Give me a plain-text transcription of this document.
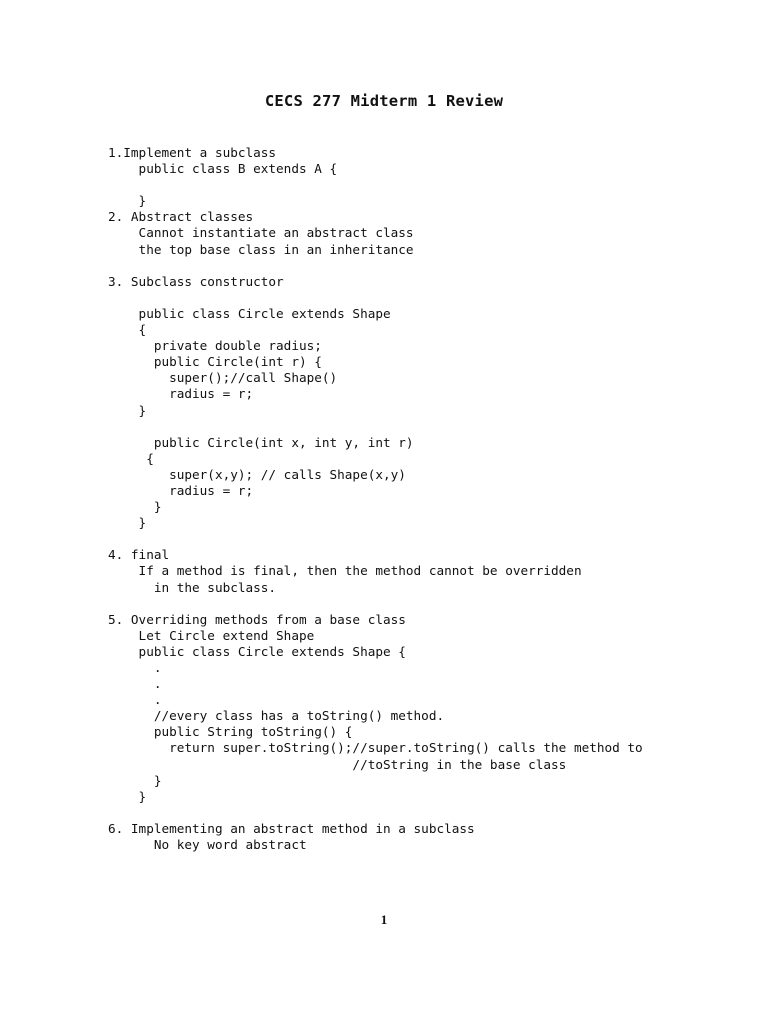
CECS 277 Midterm 1 Review
1.Implement a subclass
public class B extends A {
}
2. Abstract classes
Cannot instantiate an abstract class
the top base class in an inheritance
3. Subclass constructor
public class Circle extends Shape
{
private double radius;
public Circle(int r) {
super();//call Shape()
radius = r;
}
public Circle(int x, int y, int r)
{
super(x,y); // calls Shape(x,y)
radius = r;
}
}
4. final
If a method is final, then the method cannot be overridden
in the subclass.
5. Overriding methods from a base class
Let Circle extend Shape
public class Circle extends Shape {
.
.
.
//every class has a toString() method.
public String toString() {
return super.toString();//super.toString() calls the method to
//toString in the base class
}
}
6. Implementing an abstract method in a subclass
No key word abstract
1
